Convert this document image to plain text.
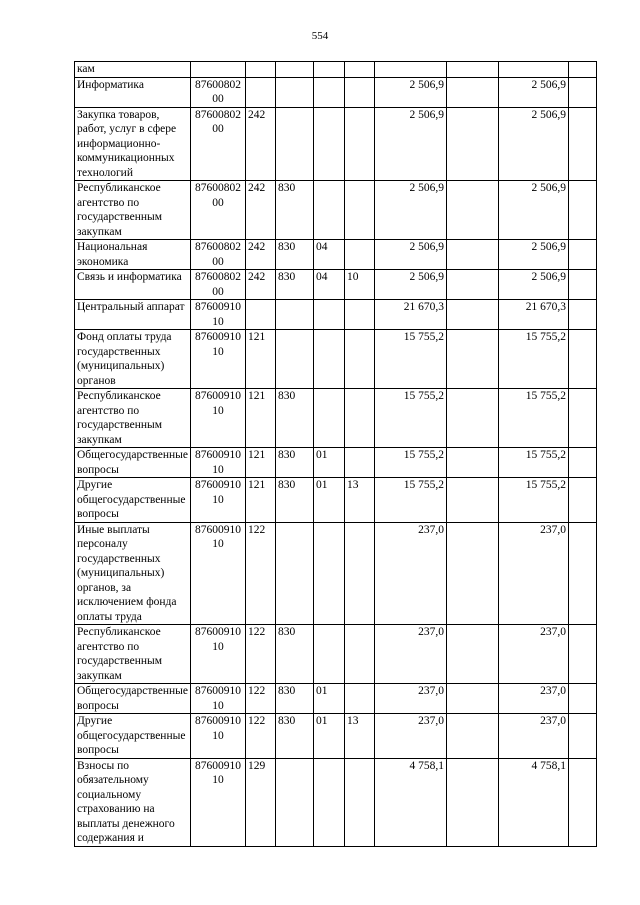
554
кам									
Информатика	8760080200					2 506,9		2 506,9	
Закупка товаров, работ, услуг в сфере информационно-коммуникационных технологий	8760080200	242				2 506,9		2 506,9	
Республиканское агентство по государственным закупкам	8760080200	242	830			2 506,9		2 506,9	
Национальная экономика	8760080200	242	830	04		2 506,9		2 506,9	
Связь и информатика	8760080200	242	830	04	10	2 506,9		2 506,9	
Центральный аппарат	8760091010					21 670,3		21 670,3	
Фонд оплаты труда государственных (муниципальных) органов	8760091010	121				15 755,2		15 755,2	
Республиканское агентство по государственным закупкам	8760091010	121	830			15 755,2		15 755,2	
Общегосударственные вопросы	8760091010	121	830	01		15 755,2		15 755,2	
Другие общегосударственные вопросы	8760091010	121	830	01	13	15 755,2		15 755,2	
Иные выплаты персоналу государственных (муниципальных) органов, за исключением фонда оплаты труда	8760091010	122				237,0		237,0	
Республиканское агентство по государственным закупкам	8760091010	122	830			237,0		237,0	
Общегосударственные вопросы	8760091010	122	830	01		237,0		237,0	
Другие общегосударственные вопросы	8760091010	122	830	01	13	237,0		237,0	
Взносы по обязательному социальному страхованию на выплаты денежного содержания и	8760091010	129				4 758,1		4 758,1	
